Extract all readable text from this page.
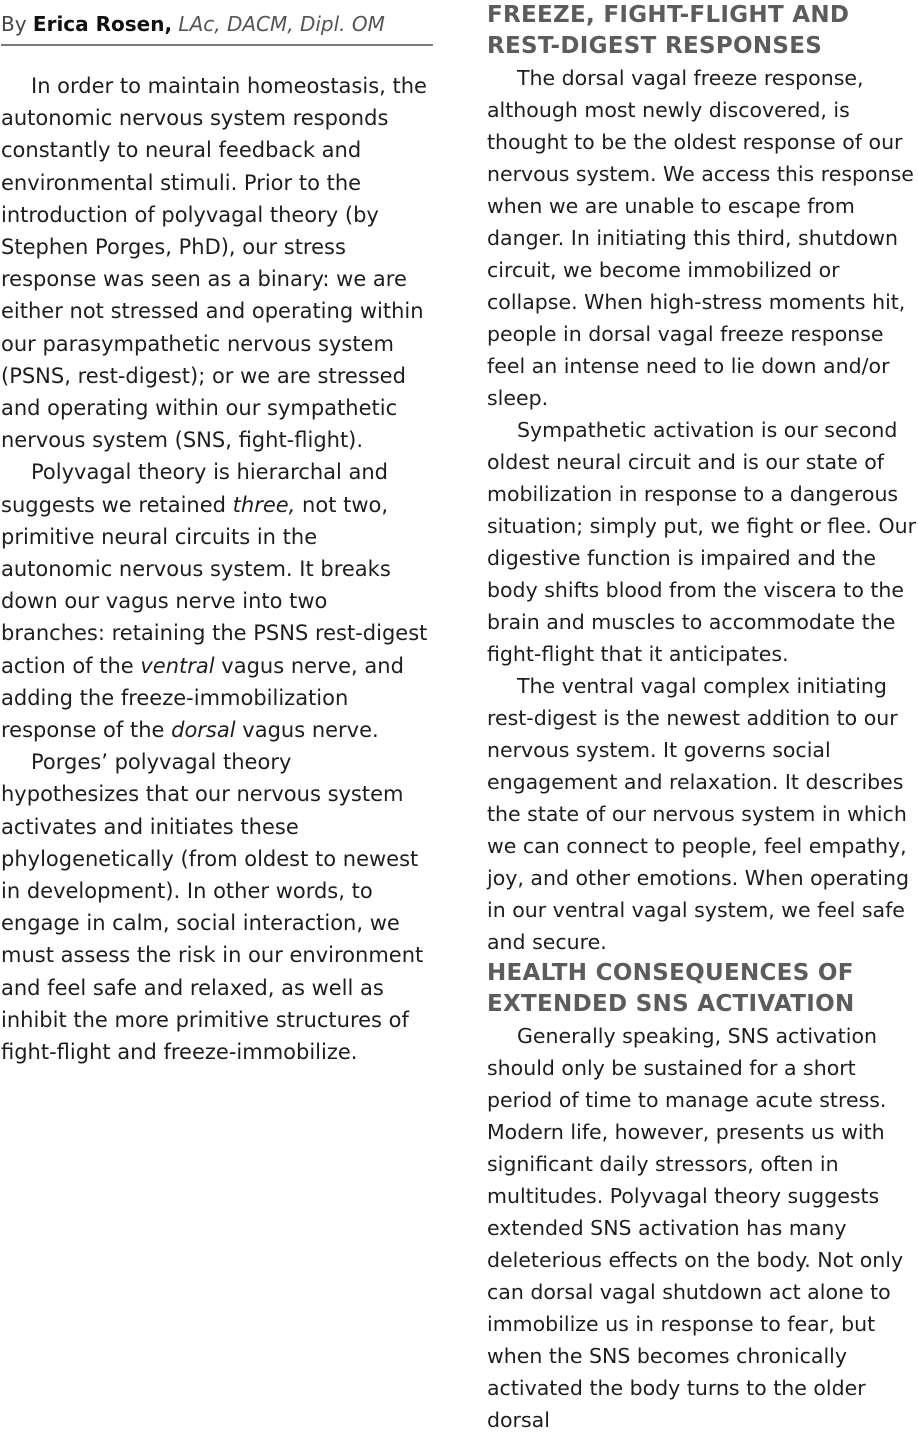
By Erica Rosen, LAc, DACM, Dipl. OM

In order to maintain homeostasis, the autonomic nervous system responds constantly to neural feedback and environmental stimuli. Prior to the introduction of polyvagal theory (by Stephen Porges, PhD), our stress response was seen as a binary: we are either not stressed and operating within our parasympathetic nervous system (PSNS, rest-digest); or we are stressed and operating within our sympathetic nervous system (SNS, fight-flight).

Polyvagal theory is hierarchal and suggests we retained three, not two, primitive neural circuits in the autonomic nervous system. It breaks down our vagus nerve into two branches: retaining the PSNS rest-digest action of the ventral vagus nerve, and adding the freeze-immobilization response of the dorsal vagus nerve.

Porges’ polyvagal theory hypothesizes that our nervous system activates and initiates these phylogenetically (from oldest to newest in development). In other words, to engage in calm, social interaction, we must assess the risk in our environment and feel safe and relaxed, as well as inhibit the more primitive structures of fight-flight and freeze-immobilize.

FREEZE, FIGHT-FLIGHT AND REST-DIGEST RESPONSES

The dorsal vagal freeze response, although most newly discovered, is thought to be the oldest response of our nervous system. We access this response when we are unable to escape from danger. In initiating this third, shutdown circuit, we become immobilized or collapse. When high-stress moments hit, people in dorsal vagal freeze response feel an intense need to lie down and/or sleep.

Sympathetic activation is our second oldest neural circuit and is our state of mobilization in response to a dangerous situation; simply put, we fight or flee. Our digestive function is impaired and the body shifts blood from the viscera to the brain and muscles to accommodate the fight-flight that it anticipates.

The ventral vagal complex initiating rest-digest is the newest addition to our nervous system. It governs social engagement and relaxation. It describes the state of our nervous system in which we can connect to people, feel empathy, joy, and other emotions. When operating in our ventral vagal system, we feel safe and secure.

HEALTH CONSEQUENCES OF EXTENDED SNS ACTIVATION

Generally speaking, SNS activation should only be sustained for a short period of time to manage acute stress. Modern life, however, presents us with significant daily stressors, often in multitudes. Polyvagal theory suggests extended SNS activation has many deleterious effects on the body. Not only can dorsal vagal shutdown act alone to immobilize us in response to fear, but when the SNS becomes chronically activated the body turns to the older dorsal
